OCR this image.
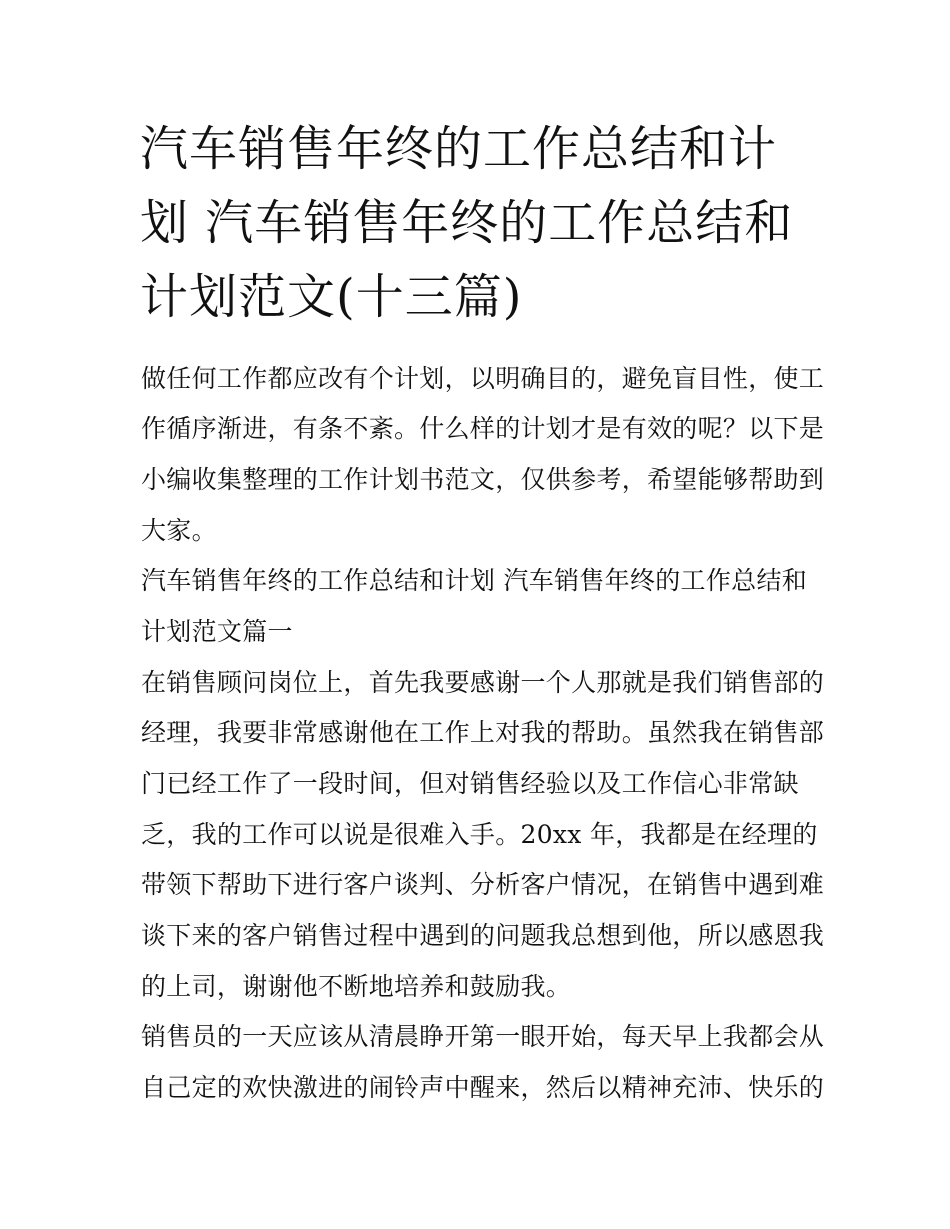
汽车销售年终的工作总结和计划 汽车销售年终的工作总结和计划范文(十三篇)

做任何工作都应改有个计划，以明确目的，避免盲目性，使工

作循序渐进，有条不紊。什么样的计划才是有效的呢？以下是

小编收集整理的工作计划书范文，仅供参考，希望能够帮助到

大家。

汽车销售年终的工作总结和计划 汽车销售年终的工作总结和

计划范文篇一

在销售顾问岗位上，首先我要感谢一个人那就是我们销售部的

经理，我要非常感谢他在工作上对我的帮助。虽然我在销售部

门已经工作了一段时间，但对销售经验以及工作信心非常缺

乏，我的工作可以说是很难入手。20xx 年，我都是在经理的

带领下帮助下进行客户谈判、分析客户情况，在销售中遇到难

谈下来的客户销售过程中遇到的问题我总想到他，所以感恩我

的上司，谢谢他不断地培养和鼓励我。

销售员的一天应该从清晨睁开第一眼开始，每天早上我都会从

自己定的欢快激进的闹铃声中醒来，然后以精神充沛、快乐的
